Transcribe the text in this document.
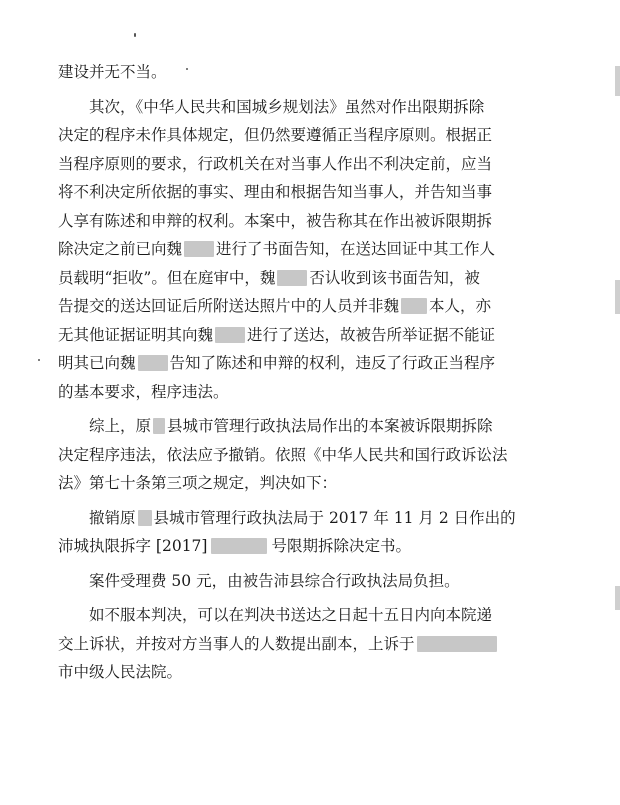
建设并无不当。
其次，《中华人民共和国城乡规划法》虽然对作出限期拆除
决定的程序未作具体规定，但仍然要遵循正当程序原则。根据正
当程序原则的要求，行政机关在对当事人作出不利决定前，应当
将不利决定所依据的事实、理由和根据告知当事人，并告知当事
人享有陈述和申辩的权利。本案中，被告称其在作出被诉限期拆
除决定之前已向魏 进行了书面告知，在送达回证中其工作人
员载明“拒收”。但在庭审中，魏 否认收到该书面告知，被
告提交的送达回证后所附送达照片中的人员并非魏 本人，亦
无其他证据证明其向魏 进行了送达，故被告所举证据不能证
明其已向魏 告知了陈述和申辩的权利，违反了行政正当程序
的基本要求，程序违法。
综上，原 县城市管理行政执法局作出的本案被诉限期拆除
决定程序违法，依法应予撤销。依照《中华人民共和国行政诉讼法
法》第七十条第三项之规定，判决如下：
撤销原 县城市管理行政执法局于 2017 年 11 月 2 日作出的
沛城执限拆字 [2017]	号限期拆除决定书。
案件受理费 50 元，由被告沛县综合行政执法局负担。
如不服本判决，可以在判决书送达之日起十五日内向本院递
交上诉状，并按对方当事人的人数提出副本，上诉于
市中级人民法院。
